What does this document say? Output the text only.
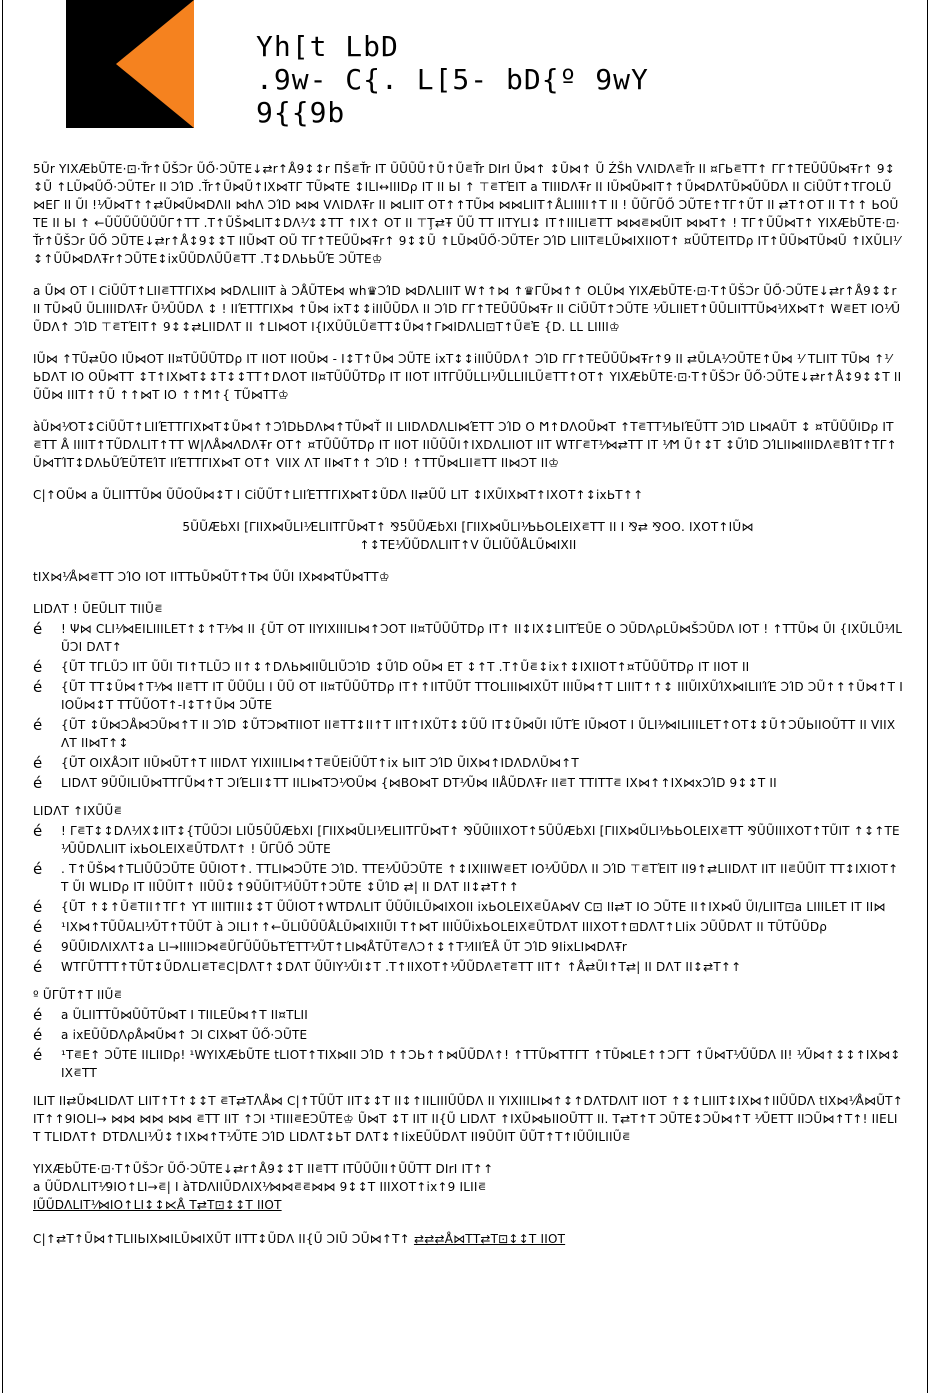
Yh[t LbD
.9w- C{. L[5- bD{º 9wY
9{{9b

5Ũr YIXÆbŨTE·⊡·Ťr↑ŨŠϽr ŨŐ·ϽŨTE↓⇄r↑Å9↕↕r ΠŠ⋷Ťr ΙΤ ŨŨŨŨ↑Ũ↑Ũ⋷Ťr DIrI Ũ⋈↑ ↕Ũ⋈↑ Ũ ŹŠh VΛΙDΛ⋷Ťr ΙΙ ¤ΓЬ⋷ΤΤ↑ ΓΓ↑ΤΕŨŨŨ⋈Ŧr↑ 9↕↕Ũ ↑LŨ⋈ŨŐ·ϽŨTEr ΙΙ ϽΊD .Ťr↑Ũ⋈Ũ↑ΙΧ⋈ΤΓ ΤŨ⋈ΤΕ ↕ΙLΙ↔ΙΙΙDρ ΙΤ ΙΙ ЬΙ ↑ ⊤⋷ΤΈΙΤ a ΤΙΙΙDΛŦr ΙΙ ΙŨ⋈Ũ⋈ΙΤ↑↑Ũ⋈DΛΤŨ⋈ŨŨDΛ ΙΙ CiŨŨΤ↑ΤΓΟLŨ⋈ΕΓ ΙΙ ŨΙ !⅟Ũ⋈Τ↑↑⇄Ũ⋈Ũ⋈DΛΙΙ ⋈hΛ ϽΊD ⋈⋈ VΛΙDΛŦr ΙΙ ⋈LΙΙΤ ΟΤ↑↑ΤŨ⋈ ⋈⋈LΙΙΤ↑ÅLΙΙΙΙΙ↑Τ ΙΙ ! ŨŨΓŨŐ ϽŨTE↑ΤΓ↑ŨΤ ΙΙ ⇄Τ↑ΟΤ ΙΙ Τ↑↑ ЬΟŨTE ΙΙ ЬΙ ↑ ←ŨŨŨŨŨŨŨΓ↑ΤΤ .Τ↑ŨŠ⋈LΙΤ↕DΛ⅟↕↕ΤΤ ↑ΙΧ↑ ΟΤ ΙΙ ⊤Ţ⇄Ŧ ŨŨ ΤΤ ΙΙΤΥLΙ↕ ΙΤ↑ΙΙΙLΙ⋷ΤΤ ⋈⋈⋷⋈ŨΙΤ ⋈⋈Τ↑ ! ΤΓ↑ŨŨ⋈Τ↑ YIXÆbŨTE·⊡·Ťr↑ŨŠϽr ŨŐ ϽŨTE↓⇄r↑Å↕9↕↕Τ ΙΙŨ⋈Τ ΟŨ ΤΓ↑ΤΕŨŨ⋈Ŧr↑ 9↕↕Ũ ↑LŨ⋈ŨŐ·ϽŨTEr ϽΊD LΙΙΙΤ⋷LŨ⋈ΙΧΙΙΟΤ↑ ¤ŨŨΤΕΙΤDρ ΙΤ↑ŨŨ⋈ΤŨ⋈Ũ ↑ΙΧŨLΙ⅟↕↑ŨŨ⋈DΛŦr↑ϽŨTE↕ixŨŨDΛŨŨ⋷ΤΤ .Τ↕DΛЬЬŨΈ ϽŨTE♔

a Ũ⋈ ΟΤ Ι CiŨŨΤ↑LΙΙ⋷ΤΤΓΙΧ⋈ ⋈DΛLΙΙΙΤ à ϽÅŨTE⋈ wh♛ϽΊD ⋈DΛLΙΙΙΤ W↑↑⋈ ↑♛ΓŨ⋈↑↑ ΟLŨ⋈ YIXÆbŨTE·⊡·Τ↑ŨŠϽr ŨŐ·ϽŨTE↓⇄r↑Å9↕↕r ΙΙ ΤŨ⋈Ũ ŨLΙΙΙΙDΛŦr Ũ⅟ŨŨDΛ ↕ ! ΙΙΈΤΤΓΙΧ⋈ ↑Ũ⋈ ixΤ↕↕iΙΙŨŨDΛ ΙΙ ϽΊD ΓΓ↑ΤΕŨŨŨ⋈Ŧr ΙΙ CiŨŨΤ↑ϽŨTE ⅟ŨLΙΙΕΤ↑ŨŨLΙΙΤΤŨ⋈⅟ΙΧ⋈Τ↑ W⋷ΕΤ ΙΟ⅟ŨŨDΛ↑ ϽΊD ⊤⋷ΤΈΙΤ↑ 9↕↕⇄LΙΙDΛΤ ΙΙ ↑LΙ⋈ΟΤ Ι{ΙΧŨŨLŨ⋷ΤΤ↕Ũ⋈↑Γ⋈ΙDΛLΙ⊡Τ↑Ũ⋷Ἐ {D. LL LΙΙΙΙ♔

ΙŨ⋈ ↑ΤŨ⇄ŨΟ ΙŨ⋈ΟΤ ΙΙ¤ΤŨŨŨΤDρ ΙΤ ΙΙΟΤ ΙΙΟŨ⋈ - Ι↕Τ↑Ũ⋈ ϽŨTE ixΤ↕↕iΙΙŨŨDΛ↑ ϽΊD ΓΓ↑ΤΕŨŨŨ⋈Ŧr↑9 ΙΙ ⇄ŨLΑ⅟ϽŨTE↑Ũ⋈ ⅟ ΤLΙΙΤ ΤŨ⋈ ↑⅟ ЬDΛΤ ΙΟ ΟŨ⋈ΤΤ ↕Τ↑ΙΧ⋈Τ↕↕Τ↕↕ΤΤ↑DΛΟΤ ΙΙ¤ΤŨŨŨΤDρ ΙΤ ΙΙΟΤ ΙΙΤΓŨŨLLΙ⅟ŨLLΙΙLŨ⋷ΤΤ↑ΟΤ↑ YIXÆbŨTE·⊡·Τ↑ŨŠϽr ŨŐ·ϽŨTE↓⇄r↑Å↕9↕↕Τ ΙΙ ŨŨ⋈ ΙΙΙΤ↑↑Ũ ↑↑⋈Τ ΙΟ ↑↑Ϻ↑{ ΤŨ⋈ΤΤ♔

àŨ⋈⅟ΟΤ↕CiŨŨΤ↑LΙΙΈΤΤΓΙΧ⋈Τ↕Ũ⋈↑↑ϽΊDЬDΛ⋈↑ΤŨ⋈Ť ΙΙ LΙΙDΛDΛLΙ⋈ΈΤΤ ϽΊD Ο Ϻ↑DΛΟŨ⋈Τ ↑Τ⋷ΤΤ⅟ΙЬΙΈŨΤΤ ϽΊD LΙ⋈ΑŨΤ ↕ ¤ΤŨŨŨΙDρ ΙΤ ⋷ΤΤ Å ΙΙΙΙΤ↑ΤŨDΛLΙΤ↑ΤΤ W|ΛÅ⋈ΛDΛŦr ΟΤ↑ ¤ΤŨŨŨΤDρ ΙΤ ΙΙΟΤ ΙΙŨŨŨΙ↑ΙΧDΛLΙΙΟΤ ΙΙΤ WΤΓ⋷Τ⅟⋈⇄ΤΤ ΙΤ ⅟Ϻ Ũ↑↕Τ ↕ŨΊD ϽΊLΙΙ⋈ΙΙΙDΛ⋷ΒΊΤ↑ΤΓ↑Ũ⋈ΤΊΤ↕DΛЬŨΈŨTEΊΤ ΙΙΈΤΤΓΙΧ⋈Τ ΟΤ↑ VΙΙΧ ΛΤ ΙΙ⋈Τ↑↑ ϽΊD ! ↑ΤΤŨ⋈LΙΙ⋷ΤΤ ΙΙ⋈ϽΤ ΙΙ♔

C|↑ΟŨ⋈ a ŨLΙΙΤΤŨ⋈ ŨŨΟŨ⋈↕Τ Ι CiŨŨΤ↑LΙΙΈΤΤΓΙΧ⋈Τ↕ŨDΛ ΙΙ⇄ŨŨ LΙΤ ↕ΙΧŨΙΧ⋈Τ↑ΙΧΟΤ↑↕ixЬΤ↑↑

5ŨŨÆbΧΙ [ΓΙΙΧ⋈ŨLΙ⅟ΕLΙΙΤΓŨ⋈Τ↑ ⅋5ŨŨÆbΧΙ [ΓΙΙΧ⋈ŨLΙ⅟ЬЬΟLΕΙΧ⋷ΤΤ ΙΙ Ι ⅋⇄ ⅋ΟΟ. ΙΧΟΤ↑ΙŨ⋈
↑↕ΤΕ⅟ŨŨDΛLΙΙΤ↑V ŨLΙŨŨÅLŨ⋈ΙΧΙΙ

tΙΧ⋈⅟Å⋈⋷ΤΤ ϽΊΟ ΙΟΤ ΙΙΤΤЬŨ⋈ŨΤ↑Τ⋈ ŨŨΙ ΙΧ⋈⋈ΤŨ⋈ΤΤ♔

LΙDΛΤ ! ŨΕŨLΙΤ ΤΙΙŨ⋷
é ! Ψ⋈ CLΙ⅟⋈ΕΙLΙΙΙLΕΤ↑↕↑Τ⅟⋈ ΙΙ {ŨΤ ΟΤ ΙΙYIΧΙΙΙLΙ⋈↑ϽΟΤ ΙΙ¤ΤŨŨŨΤDρ ΙΤ↑ ΙΙ↕ΙΧ↕LΙΙΤΈŨΕ Ο ϽŨDΛρLŨ⋈ŠϽŨDΛ ΙΟΤ ! ↑ΤΤŨ⋈ ŨΙ {ΙΧŨLŨ⅟ΙLŨϽΙ DΛΤ↑
é {ŨΤ ΤΓLŨϽ ΙΙΤ ŨŨΙ ΤΙ↑ΤLŨϽ ΙΙ↑↕↑DΛЬ⋈ΙΙŨLΙŨϽΊD ↕ŨΊD ΟŨ⋈ ΕΤ ↕↑Τ .Τ↑Ũ⋷↕ix↑↕ΙΧΙΙΟΤ↑¤ΤŨŨŨΤDρ ΙΤ ΙΙΟΤ ΙΙ
é {ŨΤ ΤΤ↕Ũ⋈↑Τ⅟⋈ ΙΙ⋷ΤΤ ΙΤ ŨŨŨLΙ Ι ŨŨ ΟΤ ΙΙ¤ΤŨŨŨΤDρ ΙΤ↑↑ΙΙΤŨŨΤ ΤΤΟLΙΙΙ⋈ΙΧŨΤ ΙΙΙŨ⋈↑Τ LΙΙΙΤ↑↑↕ ΙΙΙŨΙΧŨΊΧ⋈ΙLΙΙΊΈ ϽΊD ϽŨ↑↑↑Ũ⋈↑Τ ΙΙΟŨ⋈↕Τ ΤΤŨŨΟΤ↑-Ι↕Τ↑Ũ⋈ ϽŨTE
é {ŨΤ ↕Ũ⋈ϽÅ⋈ϽŨ⋈↑Τ ΙΙ ϽΊD ↕ŨΤϽ⋈ΤΙΙΟΤ ΙΙ⋷ΤΤ↕ΙΙ↑Τ ΙΙΤ↑ΙΧŨΤ↕↕ŨŨ ΙΤ↕Ũ⋈ŨΙ ΙŨΤΈ ΙŨ⋈ΟΤ Ι ŨLΙ⅟⋈ΙLΙΙΙLΕΤ↑ΟΤ↕↕Ũ↑ϽŨЬΙΙΟŨΤΤ ΙΙ VΙΙΧ ΛΤ ΙΙ⋈Τ↑↕
é {ŨΤ ΟΙΧÅϽΙΤ ΙΙŨ⋈ŨΤ↑Τ ΙΙΙDΛΤ YIXΙΙΙLΙ⋈↑Τ⋷ŨΕiŨŨΤ↑ix ЬΙΙΤ ϽΊD ŨΙΧ⋈↑ΙDΛDΛŨ⋈↑Τ
é LΙDΛΤ 9ŨŨΙLΙŨ⋈ΤΤΓŨ⋈↑Τ ϽΙΈLΙΙ↕ΤΤ ΙΙLΙ⋈ΤϽ⅟ΟŨ⋈ {⋈ΒΟ⋈Τ DΤ⅟Ũ⋈ ΙΙÅŨDΛŦr ΙΙ⋷Τ ΤΤΙΤΤ⋷ ΙΧ⋈↑↑ΙΧ⋈xϽΊD 9↕↕Τ ΙΙ
LΙDΛΤ ↑ΙΧŨŨ⋷
é ! Γ⋷Τ↕↕DΛ⅟ΙΧ↕ΙΙΤ↕{ΤŨŨϽΙ LΙŨ5ŨŨÆbΧΙ [ΓΙΙΧ⋈ŨLΙ⅟ΕLΙΙΤΓŨ⋈Τ↑ ⅋ŨŨΙΙΙΧΟΤ↑5ŨŨÆbΧΙ [ΓΙΙΧ⋈ŨLΙ⅟ЬЬΟLΕΙΧ⋷ΤΤ ⅋ŨŨΙΙΙΧΟΤ↑ΤŨΙΤ ↑↕↑ΤΕ⅟ŨŨDΛLΙΙΤ ixЬΟLΕΙΧ⋷ŨΤDΛΤ↑ ! ŨΓŨŐ ϽŨTE
é . Τ↑ŨŠ⋈↑ΤLΙŨŨϽŨTE ŨŨΙΟΤ↑. ΤΤLΙ⋈ϽŨTE ϽΊD. ΤΤΕ⅟ŨŨϽŨTE ↑↕ΙΧΙΙΙW⋷ΕΤ ΙΟ⅟ŨŨDΛ ΙΙ ϽΊD ⊤⋷ΤΈΙΤ ΙΙ9↑⇄LΙΙDΛΤ ΙΙΤ ΙΙ⋷ŨŨΙΤ ΤΤ↕ΙΧΙΟΤ↑Τ ŨΙ WLΙDρ ΙΤ ΙΙŨŨΙΤ↑ ΙΙŨŨ↕↑9ŨŨΙΤ⅟iŨŨΤ↑ϽŨTE ↕ŨΊD ⇄| ΙΙ DΛΤ ΙΙ↕⇄Τ↑↑
é {ŨΤ ↑↕↑Ũ⋷ΤΙΙ↑ΤΓ↑ ΥΤ ΙΙΙΙΤΙΙΙ↕↕Τ ŨŨΙΟΤ↑WΤDΛLΙΤ ŨŨŨΙLŨ⋈ΙΧΟΙΙ ixЬΟLΕΙΧ⋷ŨΑ⋈V C⊡ ΙΙ⇄Τ ΙΟ ϽŨTE ΙΙ↑ΙΧ⋈Ũ ŨΙ/LΙΙΤ⊡a LΙΙΙLΕΤ ΙΤ ΙΙ⋈
é ¹ΙΧ⋈↑ΤŨŨΑLΙ⅟ŨΤ↑ΤŨŨΤ à ϽΙLΙ↑↑←ŨLΙŨŨŨÅLŨ⋈ΙΧΙΙŨΙ Τ↑⋈Τ ΙΙΙŨŨixЬΟLΕΙΧ⋷ŨΤDΛΤ ΙΙΙΧΟΤ↑⊡DΛΤ↑LΙix ϽŨŨDΛΤ ΙΙ ΤŨΤŨŨDρ
é 9ŨŨΙDΛΙΧΛΤ↕a LΙ→ΙΙΙΙΙϽ⋈⋷ŨΓŨŨŨЬΤΈΤΤ⅟ŨΤ↑LΙ⋈ÅΤŨΤ⋷ΛϽ↑↕↑Τ⅟ΙΙΙΈÅ ŨΤ ϽΊD 9IixLΙ⋈DΛŦr
é WΤΓŨΤΤΤ↑ΤŨΤ↕ŨDΛLΙ⋷Τ⋷C|DΛΤ↑↕DΛΤ ŨŨΙΥ⅟ŨΙ↕Τ .Τ↑ΙΙΧΟΤ↑⅟ŨŨDΛ⋷Τ⋷ΤΤ ΙΙΤ↑ ↑Å⇄ŨΙ↑Τ⇄| ΙΙ DΛΤ ΙΙ↕⇄Τ↑↑
º ŨΓŨΤ↑Τ ΙΙŨ⋷
é a ŨLΙΙΤΤŨ⋈ŨŨΤŨ⋈Τ Ι ΤΙΙLΕŨ⋈↑Τ ΙΙ¤ΤLΙΙ
é a ixΕŨŨDΛρÅ⋈Ũ⋈↑ ϽΙ CΙΧ⋈Τ ŨŐ·ϽŨTE
é ¹Τ⋷Ε↑ ϽŨTE ΙΙLΙΙDρ! ¹WYIXÆbŨTE tLΙΟΤ↑ΤΙΧ⋈ΙΙ ϽΊD ↑↑ϽЬ↑↑⋈ŨŨDΛ↑! ↑ΤΤŨ⋈ΤΤΓΤ ↑ΤŨ⋈LΕ↑↑ϽΓΤ ↑Ũ⋈Τ⅟ŨŨDΛ ΙΙ! ⅟Ũ⋈↑↕↕↑ΙΧ⋈↕ΙΧ⋷ΤΤ

ΙLΙΤ ΙΙ⇄Ũ⋈LΙDΛΤ LΙΙΤ↑Τ↑↕↕Τ ⋷Τ⇄ΤΛÅ⋈ C|↑ΤŨŨΤ ΙΙΤ↕↕Τ ΙΙ↕↑ΙΙLΙΙΙŨŨDΛ ΙΙ YIXΙΙΙLΙ⋈↑↕↑DΛΤDΛΙΤ ΙΙΟΤ ↑↕↑LΙΙΙΤ↕ΙΧ⋈↑ΙΙŨŨDΛ tΙΧ⋈⅟Å⋈ŨΤ↑ΙΤ↑↑9ΙΟLΙ→ ⋈⋈ ⋈⋈ ⋈⋈ ⋷ΤΤ ΙΙΤ ↑ϽΙ ¹ΤΙΙΙ⋷ΕϽŨTE♔ Ũ⋈Τ ↕Τ ΙΙΤ ΙΙ{Ũ LΙDΛΤ ↑ΙΧŨ⋈ЬΙΙΟŨΤΤ ΙΙ. Τ⇄Τ↑Τ ϽŨTE↕ϽŨ⋈↑Τ ⅟ŨΕΤΤ ΙΙϽŨ⋈↑Τ↑! ΙΙΕLΙΤ ΤLΙDΛΤ↑ DΤDΛLΙ⅟Ũ↕↑ΙΧ⋈↑Τ⅟ŨTE ϽΊD LΙDΛΤ↕ЬΤ DΛΤ↕↑ΙixΕŨŨDΛΤ ΙΙ9ŨŨΙΤ ŨŨΤ↑Τ↑ΙŨŨΙLΙΙŨ⋷

YIXÆbŨTE·⊡·Τ↑ŨŠϽr ŨŐ·ϽŨTE↓⇄r↑Å9↕↕Τ ΙΙ⋷ΤΤ ΙΤŨŨŨΙΙ↑ŨŨΤΤ DIrI ΙΤ↑↑

a ŨŨDΛLΙΤ⅟9ΙΟ↑LΙ→⋷| Ι àΤDΛΙΙŨDΛΙΧ⅟⋈⋈⋷⋷⋈⋈ 9↕↕Τ ΙΙΙΧΟΤ↑ix↑9 ΙLΙΙ⋷

ΙŨŨDΛLΙΤ⅟⋈ΙΟ↑LΙ↕↕⋉Å Τ⇄Τ⊡↕↕Τ ΙΙΟΤ

C|↑⇄Τ↑Ũ⋈↑ΤLΙΙЬΙΧ⋈ΙLŨ⋈ΙΧŨΤ ΙΙΤΤ↕ŨDΛ ΙΙ{Ũ ϽΙŨ ϽŨ⋈↑Τ↑ ⇄⇄⇄Å⋈ΤΤ⇄Τ⊡↕↕Τ ΙΙΟΤ
